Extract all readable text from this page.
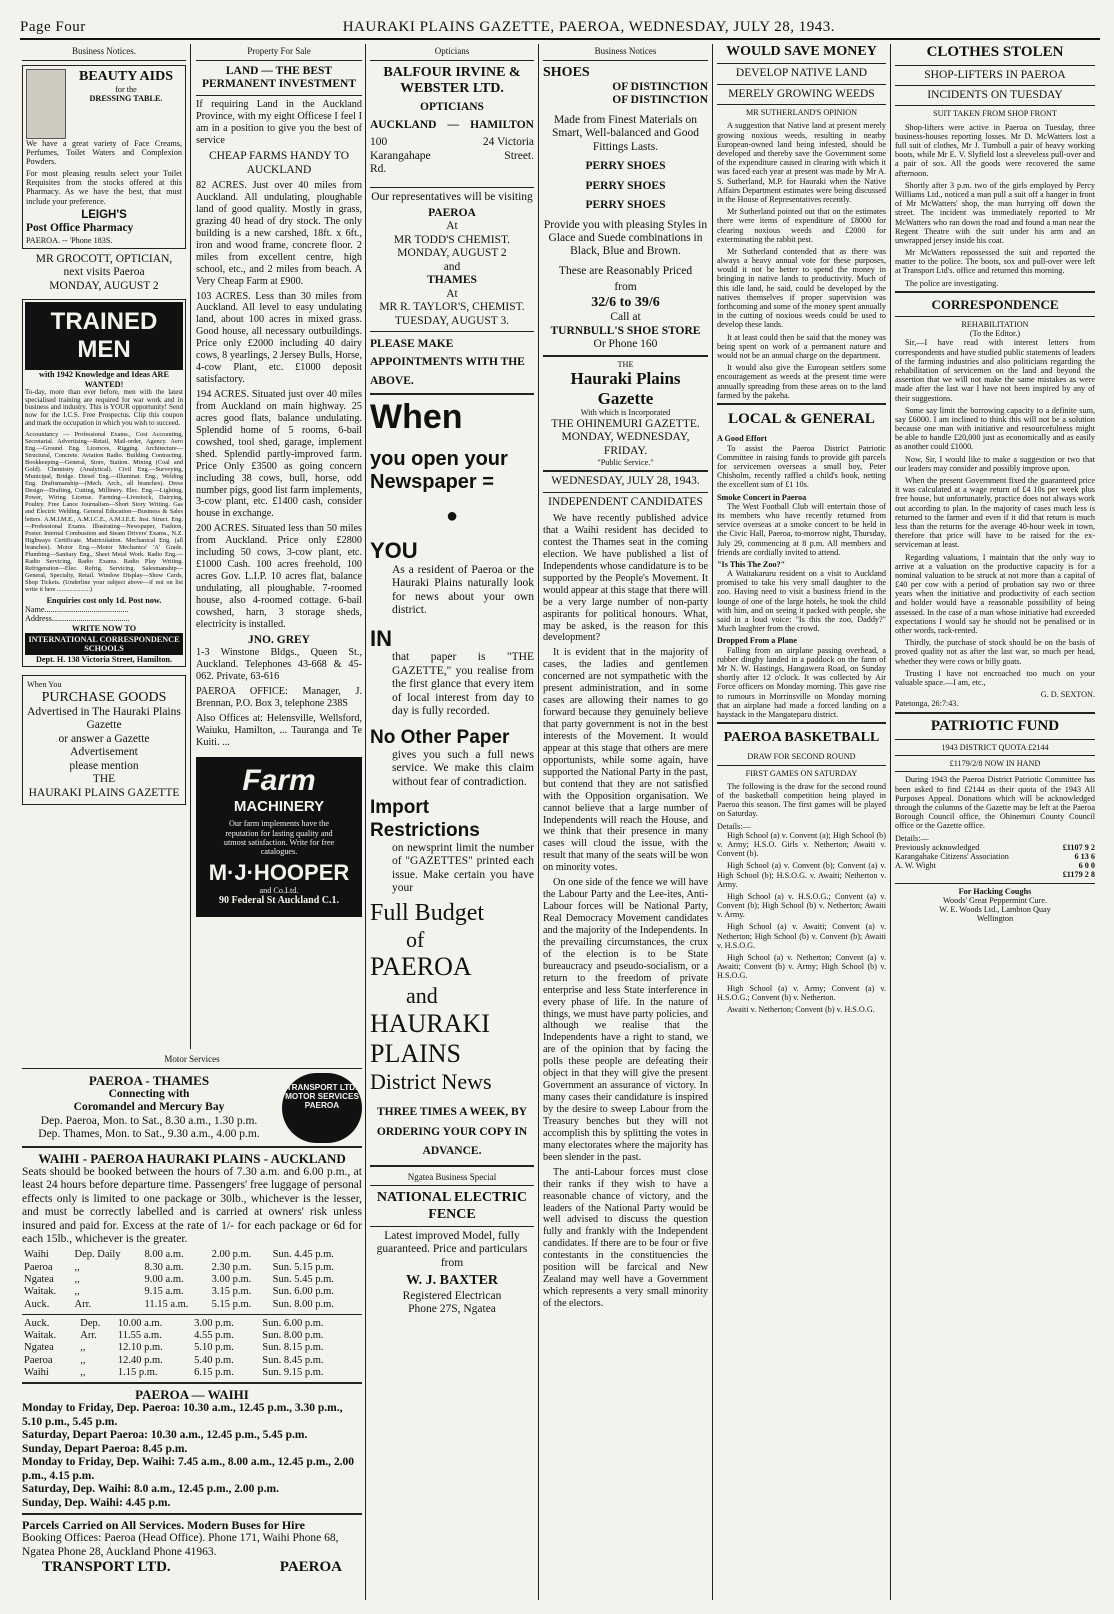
Page Four	HAURAKI PLAINS GAZETTE, PAEROA, WEDNESDAY, JULY 28, 1943.
Business Notices.
BEAUTY AIDS
for the
DRESSING TABLE.

We have a great variety of Face Creams, Perfumes, Toilet Waters and Complexion Powders.

For most pleasing results select your Toilet Requisites from the stocks offered at this Pharmacy. As we have the best, that must include your preference.

LEIGH'S
Post Office Pharmacy
PAEROA. -- 'Phone 183S.
MR GROCOTT, OPTICIAN,
next visits Paeroa
MONDAY, AUGUST 2
TRAINED MEN
with 1942 Knowledge and Ideas ARE WANTED!

To-day, more than ever before, men with the latest specialised training are required for war work and in business and industry. This is YOUR opportunity! Send now for the I.C.S. Free Prospectus. Clip this coupon and mark the occupation in which you wish to succeed.

Accountancy — Professional Exams., Cost Accounting, Secretarial. Advertising—Retail, Mail-order, Agency. Aero Eng.—Ground Eng. Licences, Rigging. Architecture—Structural, Concrete. Aviation Radio. Building Contracting. Bookkeeping—General, Store, Station. Mining (Coal and Gold). Chemistry (Analytical). Civil Eng.—Surveying, Municipal, Bridge. Diesel Eng.—Illuminat. Eng., Welding Eng. Draftsmanship—(Mech. Arch., all branches). Dress Design—Drafting, Cutting, Millinery. Elec. Eng.—Lighting, Power, Wiring License. Farming—Livestock, Dairying, Poultry. Free Lance Journalism—Short Story Writing. Gas and Electric Welding. General Education—Business & Sales letters. A.M.I.M.E., A.M.I.C.E., A.M.I.E.E. Inst. Struct. Eng.—Professional Exams. Illustrating—Newspaper, Fashion, Poster. Internal Combustion and Steam Drivers' Exams., N.Z. Highways Certificate. Matriculation. Mechanical Eng. (all branches). Motor Eng.—Motor Mechanics' 'A' Grade. Plumbing—Sanitary Eng., Sheet Metal Work. Radio Eng.—Radio Servicing, Radio Exams. Radio Play Writing. Refrigeration—Elec. Refrig. Servicing. Salesmanship—General, Specialty, Retail. Window Display—Show Cards, Shop Tickets. (Underline your subject above—if not on list write it here .....................)

Enquiries cost only 1d. Post now.
Name.........................................
Address......................................
WRITE NOW TO
INTERNATIONAL CORRESPONDENCE SCHOOLS
Dept. H. 138 Victoria Street, Hamilton.
When You
PURCHASE GOODS
Advertised in The Hauraki Plains Gazette
or answer a Gazette Advertisement
please mention
THE
HAURAKI PLAINS GAZETTE
Property For Sale
LAND — THE BEST PERMANENT INVESTMENT

If requiring Land in the Auckland Province, with my eight Officese I feel I am in a position to give you the best of service

CHEAP FARMS HANDY TO AUCKLAND

82 ACRES. Just over 40 miles from Auckland. All undulating, ploughable land of good quality. Mostly in grass, grazing 40 head of dry stock. The only building is a new carshed, 18ft. x 6ft., iron and wood frame, concrete floor. 2 miles from excellent centre, high school, etc., and 2 miles from beach. A Very Cheap Farm at £900.

103 ACRES. Less than 30 miles from Auckland. All level to easy undulating land, about 100 acres in mixed grass. Good house, all necessary outbuildings. Price only £2000 including 40 dairy cows, 8 yearlings, 2 Jersey Bulls, Horse, 4-cow Plant, etc. £1000 deposit satisfactory.

194 ACRES. Situated just over 40 miles from Auckland on main highway. 25 acres good flats, balance undulating. Splendid home of 5 rooms, 6-bail cowshed, tool shed, garage, implement shed. Splendid partly-improved farm. Price Only £3500 as going concern including 38 cows, bull, horse, odd number pigs, good list farm implements, 3-cow plant, etc. £1400 cash, consider house in exchange.

200 ACRES. Situated less than 50 miles from Auckland. Price only £2800 including 50 cows, 3-cow plant, etc. £1000 Cash. 100 acres freehold, 100 acres Gov. L.I.P. 10 acres flat, balance undulating, all ploughable. 7-roomed house, also 4-roomed cottage. 6-bail cowshed, harn, 3 storage sheds, electricity is installed.

JNO. GREY

1-3 Winstone Bldgs., Queen St., Auckland. Telephones 43-668 & 45-062. Private, 63-616

PAEROA OFFICE: Manager, J. Brennan, P.O. Box 3, telephone 238S

Also Offices at: Helensville, Wellsford, Waiuku, Hamilton, ... Tauranga and Te Kuiti. ...

Farm
MACHINERY
Our farm implements have the reputation for lasting quality and utmost satisfaction. Write for free catalogues.
M·J·HOOPER
and Co.Ltd.
90 Federal St Auckland C.1.
Motor Services
PAEROA - THAMES
Connecting with
Coromandel and Mercury Bay
Dep. Paeroa, Mon. to Sat., 8.30 a.m., 1.30 p.m.
Dep. Thames, Mon. to Sat., 9.30 a.m., 4.00 p.m.
TRANSPORT LTD.
MOTOR SERVICES
PAEROA
WAIHI - PAEROA HAURAKI PLAINS - AUCKLAND

Seats should be booked between the hours of 7.30 a.m. and 6.00 p.m., at least 24 hours before departure time. Passengers' free luggage of personal effects only is limited to one package or 30lb., whichever is the lesser, and must be correctly labelled and is carried at owners' risk unless insured and paid for. Excess at the rate of 1/- for each package or 6d for each 15lb., whichever is the greater.

Waihi	Dep. Daily	8.00 a.m.	2.00 p.m.	Sun. 4.45 p.m.
Paeroa	,,	8.30 a.m.	2.30 p.m.	Sun. 5.15 p.m.
Ngatea	,,	9.00 a.m.	3.00 p.m.	Sun. 5.45 p.m.
Waitak.	,,	9.15 a.m.	3.15 p.m.	Sun. 6.00 p.m.
Auck.	Arr.	11.15 a.m.	5.15 p.m.	Sun. 8.00 p.m.
Auck.	Dep.	10.00 a.m.	3.00 p.m.	Sun. 6.00 p.m.
Waitak.	Arr.	11.55 a.m.	4.55 p.m.	Sun. 8.00 p.m.
Ngatea	,,	12.10 p.m.	5.10 p.m.	Sun. 8.15 p.m.
Paeroa	,,	12.40 p.m.	5.40 p.m.	Sun. 8.45 p.m.
Waihi	,,	1.15 p.m.	6.15 p.m.	Sun. 9.15 p.m.
PAEROA — WAIHI
Monday to Friday, Dep. Paeroa: 10.30 a.m., 12.45 p.m., 3.30 p.m., 5.10 p.m., 5.45 p.m.
Saturday, Depart Paeroa: 10.30 a.m., 12.45 p.m., 5.45 p.m.
Sunday, Depart Paeroa: 8.45 p.m.
Monday to Friday, Dep. Waihi: 7.45 a.m., 8.00 a.m., 12.45 p.m., 2.00 p.m., 4.15 p.m.
Saturday, Dep. Waihi: 8.0 a.m., 12.45 p.m., 2.00 p.m.
Sunday, Dep. Waihi: 4.45 p.m.
Parcels Carried on All Services. Modern Buses for Hire
Booking Offices: Paeroa (Head Office). Phone 171, Waihi Phone 68, Ngatea Phone 28, Auckland Phone 41963.
TRANSPORT LTD.	PAEROA
Opticians
BALFOUR IRVINE &
WEBSTER LTD.
OPTICIANS
AUCKLAND — HAMILTON
100 Karangahape Rd.
24 Victoria Street.

Our representatives will be visiting

PAEROA
At
MR TODD'S CHEMIST.
MONDAY, AUGUST 2
and
THAMES
At
MR R. TAYLOR'S, CHEMIST.
TUESDAY, AUGUST 3.

PLEASE MAKE APPOINTMENTS WITH THE ABOVE.

When
you open your
Newspaper =
●
YOU

As a resident of Paeroa or the Hauraki Plains naturally look for news about your own district.

IN

that paper is "THE GAZETTE," you realise from the first glance that every item of local interest from day to day is fully recorded.

No Other Paper

gives you such a full news service. We make this claim without fear of contradiction.

Import Restrictions

on newsprint limit the number of "GAZETTES" printed each issue. Make certain you have your

Full Budget
of
PAEROA
and
HAURAKI
PLAINS
District News

THREE TIMES A WEEK, BY ORDERING YOUR COPY IN ADVANCE.

Ngatea Business Special
NATIONAL ELECTRIC FENCE

Latest improved Model, fully guaranteed. Price and particulars from

W. J. BAXTER
Registered Electrican
Phone 27S, Ngatea
Business Notices
SHOES
OF DISTINCTION
OF DISTINCTION

Made from Finest Materials on Smart, Well-balanced and Good Fittings Lasts.

PERRY SHOES
PERRY SHOES
PERRY SHOES

Provide you with pleasing Styles in Glace and Suede combinations in Black, Blue and Brown.

These are Reasonably Priced

from
32/6 to 39/6
Call at
TURNBULL'S SHOE STORE
Or Phone 160
THE
Hauraki Plains Gazette
With which is Incorporated
THE OHINEMURI GAZETTE.
MONDAY, WEDNESDAY, FRIDAY.
"Public Service."
WEDNESDAY, JULY 28, 1943.
INDEPENDENT CANDIDATES

We have recently published advice that a Waihi resident has decided to contest the Thames seat in the coming election. We have published a list of Independents whose candidature is to be supported by the People's Movement. It would appear at this stage that there will be a very large number of non-party aspirants for political honours. What, may be asked, is the reason for this development?

It is evident that in the majority of cases, the ladies and gentlemen concerned are not sympathetic with the present administration, and in some cases are allowing their names to go forward because they genuinely believe that party government is not in the best interests of the Movement. It would appear at this stage that others are mere opportunists, while some again, have supported the National Party in the past, but contend that they are not satisfied with the Opposition organisation. We cannot believe that a large number of Independents will reach the House, and we think that their presence in many cases will cloud the issue, with the result that many of the seats will be won on minority votes.

On one side of the fence we will have the Labour Party and the Lee-ites, Anti-Labour forces will be National Party, Real Democracy Movement candidates and the majority of the Independents. In the prevailing circumstances, the crux of the election is to be State bureaucracy and pseudo-socialism, or a return to the freedom of private enterprise and less State interference in every phase of life. In the nature of things, we must have party policies, and although we realise that the Independents have a right to stand, we are of the opinion that by facing the polls these people are defeating their object in that they will give the present Government an assurance of victory. In many cases their candidature is inspired by the desire to sweep Labour from the Treasury benches but they will not accomplish this by splitting the votes in many electorates where the majority has been slender in the past.

The anti-Labour forces must close their ranks if they wish to have a reasonable chance of victory, and the leaders of the National Party would be well advised to discuss the question fully and frankly with the Independent candidates. If there are to be four or five contestants in the constituencies the position will be farcical and New Zealand may well have a Government which represents a very small minority of the electors.

WOULD SAVE MONEY
DEVELOP NATIVE LAND
MERELY GROWING WEEDS
MR SUTHERLAND'S OPINION

A suggestion that Native land at present merely growing noxious weeds, resulting in nearby European-owned land being infested, should be developed and thereby save the Government some of the expenditure caused in clearing with which it was faced each year at present was made by Mr A. S. Sutherland, M.P. for Hauraki when the Native Affairs Department estimates were being discussed in the House of Representatives recently.

Mr Sutherland pointed out that on the estimates there were items of expenditure of £8000 for clearing noxious weeds and £2000 for exterminating the rabbit pest.

Mr Sutherland contended that as there was always a heavy annual vote for these purposes, would it not be better to spend the money in bringing in native lands to productivity. Much of this idle land, he said, could be developed by the natives themselves if proper supervision was forthcoming and some of the money spent annually in the cutting of noxious weeds could be used to develop these lands.

It at least could then be said that the money was being spent on work of a permanent nature and would not be an annual charge on the department.

It would also give the European settlers some encouragement as weeds at the present time were annually spreading from these areas on to the land farmed by the pakeha.

LOCAL & GENERAL
A Good Effort

To assist the Paeroa District Patriotic Committee in raising funds to provide gift parcels for servicemen overseas a small boy, Peter Chisholm, recently raffled a child's book, netting the excellent sum of £1 10s.

Smoke Concert in Paeroa

The West Football Club will entertain those of its members who have recently returned from service overseas at a smoke concert to be held in the Civic Hall, Paeroa, to-morrow night, Thursday, July 29, commencing at 8 p.m. All members and friends are cordially invited to attend.

"Is This The Zoo?"

A Waitakaruru resident on a visit to Auckland promised to take his very small daughter to the zoo. Having need to visit a business friend in the lounge of one of the large hotels, he took the child with him, and on seeing it packed with people, she said in a loud voice: "Is this the zoo, Daddy?" Much laughter from the crowd.

Dropped From a Plane

Falling from an airplane passing overhead, a rubber dinghy landed in a paddock on the farm of Mr N. W. Hastings, Hangawera Road, on Sunday shortly after 12 o'clock. It was collected by Air Force officers on Monday morning. This gave rise to rumours in Morrinsville on Monday morning that an airplane had made a forced landing on a haystack in the Mangateparu district.

PAEROA BASKETBALL
DRAW FOR SECOND ROUND
FIRST GAMES ON SATURDAY

The following is the draw for the second round of the basketball competition being played in Paeroa this season. The first games will be played on Saturday.

Details:—

High School (a) v. Convent (a); High School (b) v. Army; H.S.O. Girls v. Netherton; Awaiti v. Convent (b).

High School (a) v. Convent (b); Convent (a) v. High School (b); H.S.O.G. v. Awaiti; Netherton v. Army.

High School (a) v. H.S.O.G.; Convent (a) v. Convent (b); High School (b) v. Netherton; Awaiti v. Army.

High School (a) v. Awaiti; Convent (a) v. Netherton; High School (b) v. Convent (b); Awaiti v. H.S.O.G.

High School (a) v. Netherton; Convent (a) v. Awaiti; Convent (b) v. Army; High School (b) v. H.S.O.G.

High School (a) v. Army; Convent (a) v. H.S.O.G.; Convent (b) v. Netherton.

Awaiti v. Netherton; Convent (b) v. H.S.O.G.

CLOTHES STOLEN
SHOP-LIFTERS IN PAEROA
INCIDENTS ON TUESDAY
SUIT TAKEN FROM SHOP FRONT

Shop-lifters were active in Paeroa on Tuesday, three business-houses reporting losses. Mr D. McWatters lost a full suit of clothes, Mr J. Turnbull a pair of heavy working boots, while Mr E. V. Slyfield lost a sleeveless pull-over and a pair of sox. All the goods were recovered the same afternoon.

Shortly after 3 p.m. two of the girls employed by Percy Williams Ltd., noticed a man pull a suit off a hanger in front of Mr McWatters' shop, the man hurrying off down the street. The incident was immediately reported to Mr McWatters who ran down the road and found a man near the Regent Theatre with the suit under his arm and an unwrapped jersey inside his coat.

Mr McWatters repossessed the suit and reported the matter to the police. The boots, sox and pull-over were left at Transport Ltd's. office and returned this morning.

The police are investigating.

CORRESPONDENCE
REHABILITATION
(To the Editor.)

Sir,—I have read with interest letters from correspondents and have studied public statements of leaders of the farming industries and also politicians regarding the rehabilitation of servicemen on the land and beyond the assertion that we will not make the same mistakes as were made after the last war I have not been inspired by any of their suggestions.

Some say limit the borrowing capacity to a definite sum, say £6000. I am inclined to think this will not be a solution because one man with initiative and resourcefulness might be able to handle £20,000 just as economically and as easily as another could £1000.

Now, Sir, I would like to make a suggestion or two that our leaders may consider and possibly improve upon.

When the present Government fixed the guaranteed price it was calculated at a wage return of £4 10s per week plus free house, but unfortunately, practice does not always work out according to plan. In the majority of cases much less is returned to the farmer and even if it did that return is much less than the returns for the average 40-hour week in town, therefore that price will have to be raised for the ex-serviceman at least.

Regarding valuations, I maintain that the only way to arrive at a valuation on the productive capacity is for a nominal valuation to be struck at not more than a capital of £40 per cow with a period of probation say two or three years when the initiative and productivity of each section and holder would have a reasonable possibility of being assessed. In the case of a man whose initiative had exceeded expectations I would say he should not be penalised or in other words, rack-rented.

Thirdly, the purchase of stock should be on the basis of proved quality not as after the last war, so much per head, whether they were cows or billy goats.

Trusting I have not encroached too much on your valuable space.—I am, etc.,

G. D. SEXTON.
Patetonga, 26:7:43.
PATRIOTIC FUND
1943 DISTRICT QUOTA £2144
£1179/2/8 NOW IN HAND

During 1943 the Paeroa District Patriotic Committee has been asked to find £2144 as their quota of the 1943 All Purposes Appeal. Donations which will be acknowledged through the columns of the Gazette may be left at the Paeroa Borough Council office, the Ohinemuri County Council office or the Gazette office.

Details:—
Previously acknowledged	£1107 9 2
Karangahake Citizens' Association	6 13 6
A. W. Wight	6 0 0
£1179 2 8
For Hacking Coughs
Woods' Great Peppermint Cure.
W. E. Woods Ltd., Lambton Quay
Wellington
